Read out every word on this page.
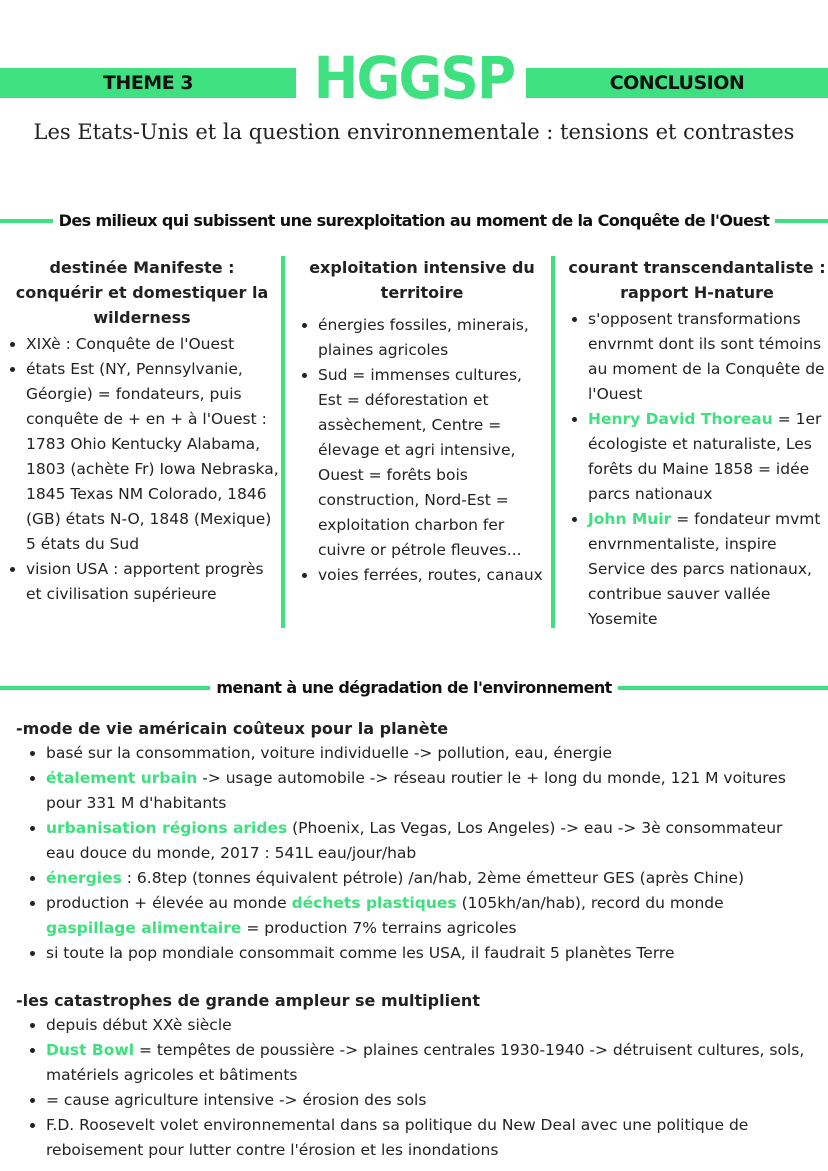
THEME 3 HGGSP	CONCLUSION
Les Etats-Unis et la question environnementale : tensions et contrastes
Des milieux qui subissent une surexploitation au moment de la Conquête de l'Ouest
destinée Manifeste : conquérir et domestiquer la wilderness
• XIXè : Conquête de l'Ouest
• états Est (NY, Pennsylvanie, Géorgie) = fondateurs, puis conquête de + en + à l'Ouest : 1783 Ohio Kentucky Alabama, 1803 (achète Fr) Iowa Nebraska, 1845 Texas NM Colorado, 1846 (GB) états N-O, 1848 (Mexique) 5 états du Sud
• vision USA : apportent progrès et civilisation supérieure
exploitation intensive du territoire
• énergies fossiles, minerais, plaines agricoles
• Sud = immenses cultures, Est = déforestation et assèchement, Centre = élevage et agri intensive, Ouest = forêts bois construction, Nord-Est = exploitation charbon fer cuivre or pétrole fleuves...
• voies ferrées, routes, canaux
courant transcendantaliste : rapport H-nature
• s'opposent transformations envrnmt dont ils sont témoins au moment de la Conquête de l'Ouest
• Henry David Thoreau = 1er écologiste et naturaliste, Les forêts du Maine 1858 = idée parcs nationaux
• John Muir = fondateur mvmt envrnmentaliste, inspire Service des parcs nationaux, contribue sauver vallée Yosemite
menant à une dégradation de l'environnement
-mode de vie américain coûteux pour la planète
• basé sur la consommation, voiture individuelle -> pollution, eau, énergie
• étalement urbain -> usage automobile -> réseau routier le + long du monde, 121 M voitures pour 331 M d'habitants
• urbanisation régions arides (Phoenix, Las Vegas, Los Angeles) -> eau -> 3è consommateur eau douce du monde, 2017 : 541L eau/jour/hab
• énergies : 6.8tep (tonnes équivalent pétrole) /an/hab, 2ème émetteur GES (après Chine)
• production + élevée au monde déchets plastiques (105kh/an/hab), record du monde gaspillage alimentaire = production 7% terrains agricoles
• si toute la pop mondiale consommait comme les USA, il faudrait 5 planètes Terre
-les catastrophes de grande ampleur se multiplient
• depuis début XXè siècle
• Dust Bowl = tempêtes de poussière -> plaines centrales 1930-1940 -> détruisent cultures, sols, matériels agricoles et bâtiments
• = cause agriculture intensive -> érosion des sols
• F.D. Roosevelt volet environnemental dans sa politique du New Deal avec une politique de reboisement pour lutter contre l'érosion et les inondations
